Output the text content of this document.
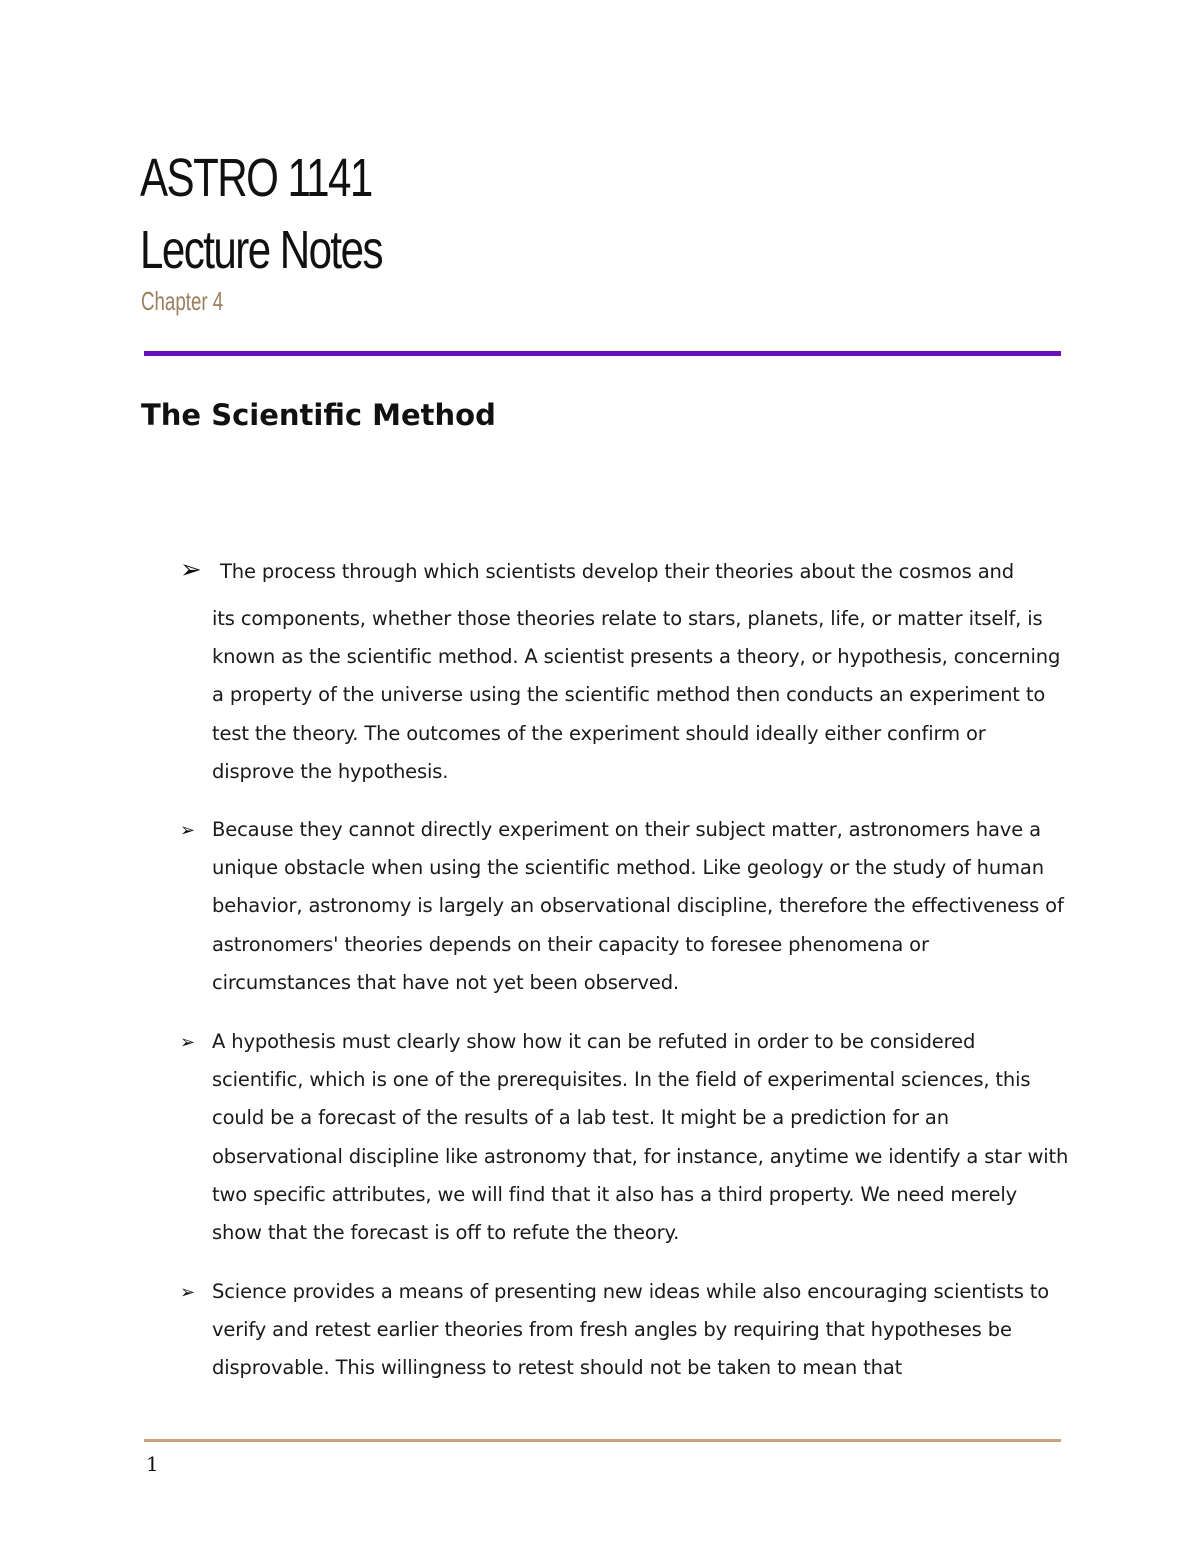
ASTRO 1141
Lecture Notes
Chapter 4
The Scientific Method
➢ The process through which scientists develop their theories about the cosmos and
its components, whether those theories relate to stars, planets, life, or matter itself, is known as the scientific method. A scientist presents a theory, or hypothesis, concerning a property of the universe using the scientific method then conducts an experiment to test the theory. The outcomes of the experiment should ideally either confirm or disprove the hypothesis.
➢ Because they cannot directly experiment on their subject matter, astronomers have a unique obstacle when using the scientific method. Like geology or the study of human behavior, astronomy is largely an observational discipline, therefore the effectiveness of astronomers' theories depends on their capacity to foresee phenomena or circumstances that have not yet been observed.
➢ A hypothesis must clearly show how it can be refuted in order to be considered scientific, which is one of the prerequisites. In the field of experimental sciences, this could be a forecast of the results of a lab test. It might be a prediction for an observational discipline like astronomy that, for instance, anytime we identify a star with two specific attributes, we will find that it also has a third property. We need merely show that the forecast is off to refute the theory.
➢ Science provides a means of presenting new ideas while also encouraging scientists to verify and retest earlier theories from fresh angles by requiring that hypotheses be disprovable. This willingness to retest should not be taken to mean that
1
